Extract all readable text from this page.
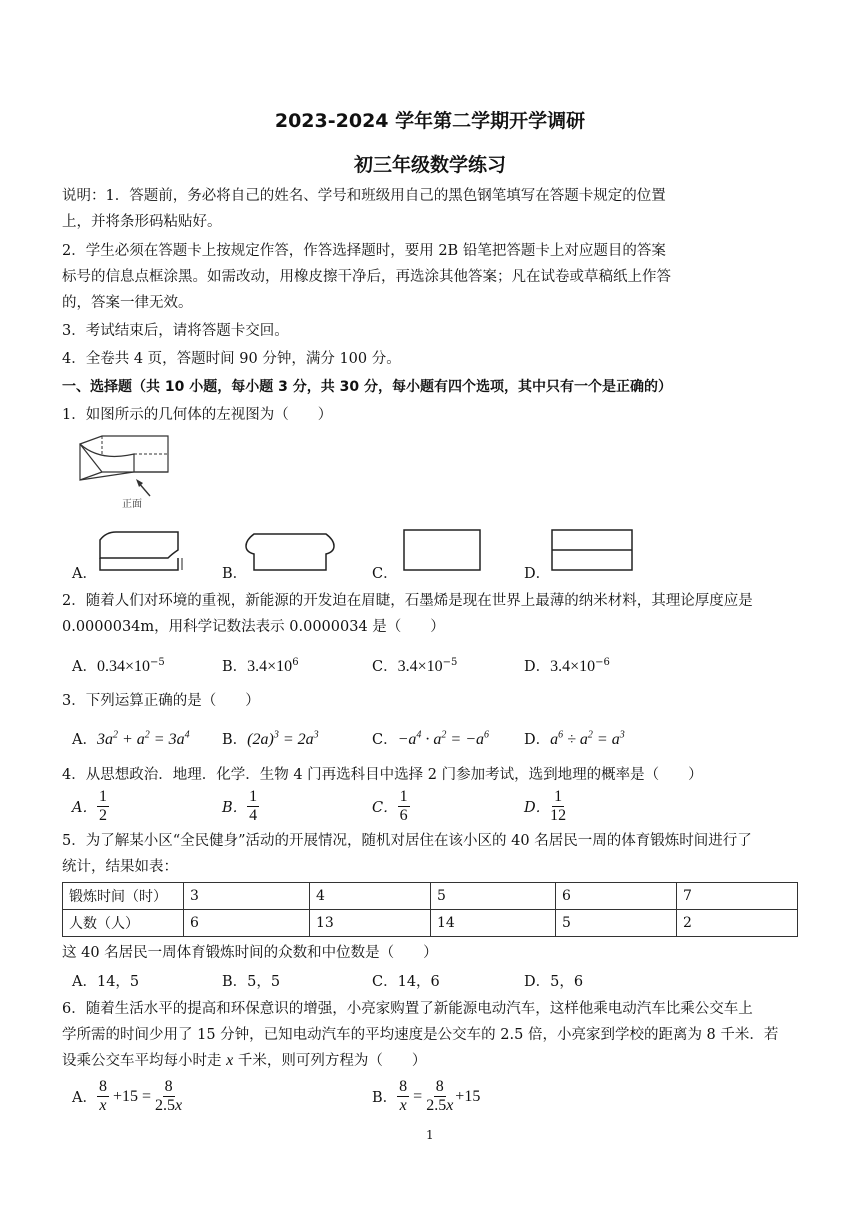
2023-2024 学年第二学期开学调研
初三年级数学练习
说明：1．答题前，务必将自己的姓名、学号和班级用自己的黑色钢笔填写在答题卡规定的位置
上，并将条形码粘贴好。
2．学生必须在答题卡上按规定作答，作答选择题时，要用 2B 铅笔把答题卡上对应题目的答案
标号的信息点框涂黑。如需改动，用橡皮擦干净后，再选涂其他答案；凡在试卷或草稿纸上作答
的，答案一律无效。
3．考试结束后，请将答题卡交回。
4．全卷共 4 页，答题时间 90 分钟，满分 100 分。
一、选择题（共 10 小题，每小题 3 分，共 30 分，每小题有四个选项，其中只有一个是正确的）
1．如图所示的几何体的左视图为（　　）
正面
A．	B．	C．	D．
2．随着人们对环境的重视，新能源的开发迫在眉睫，石墨烯是现在世界上最薄的纳米材料，其理论厚度应是
0.0000034m，用科学记数法表示 0.0000034 是（　　）
A．$0.34\times 10^{-5}$	B．$3.4\times 10^6$	C．$3.4\times 10^{-5}$	D．$3.4\times 10^{-6}$
3．下列运算正确的是（　　）
A．$3a^2 + a^2 = 3a^4$ B．$(2a)^3 = 2a^3$	C．$-a^4 \cdot a^2 = -a^6$ D．$a^6 \div a^2 = a^3$
4．从思想政治．地理．化学．生物 4 门再选科目中选择 2 门参加考试，选到地理的概率是（　　）
A． $\frac{1}{2}$	B． $\frac{1}{4}$	C． $\frac{1}{6}$	D． $\frac{1}{12}$
5．为了解某小区“全民健身”活动的开展情况，随机对居住在该小区的 40 名居民一周的体育锻炼时间进行了
统计，结果如表：
锻炼时间（时）	3	4	5	6	7
人数（人）	6	13	14	5	2
这 40 名居民一周体育锻炼时间的众数和中位数是（　　）
A．14，5	B．5，5	C．14，6	D．5，6
6．随着生活水平的提高和环保意识的增强，小亮家购置了新能源电动汽车，这样他乘电动汽车比乘公交车上
学所需的时间少用了 15 分钟，已知电动汽车的平均速度是公交车的 2.5 倍，小亮家到学校的距离为 8 千米．若
设乘公交车平均每小时走 x 千米，则可列方程为（　　）
A． $\frac{8}{x} +15 = \frac{8}{2.5x}$	B． $\frac{8}{x} = \frac{8}{2.5x} +15$
1
